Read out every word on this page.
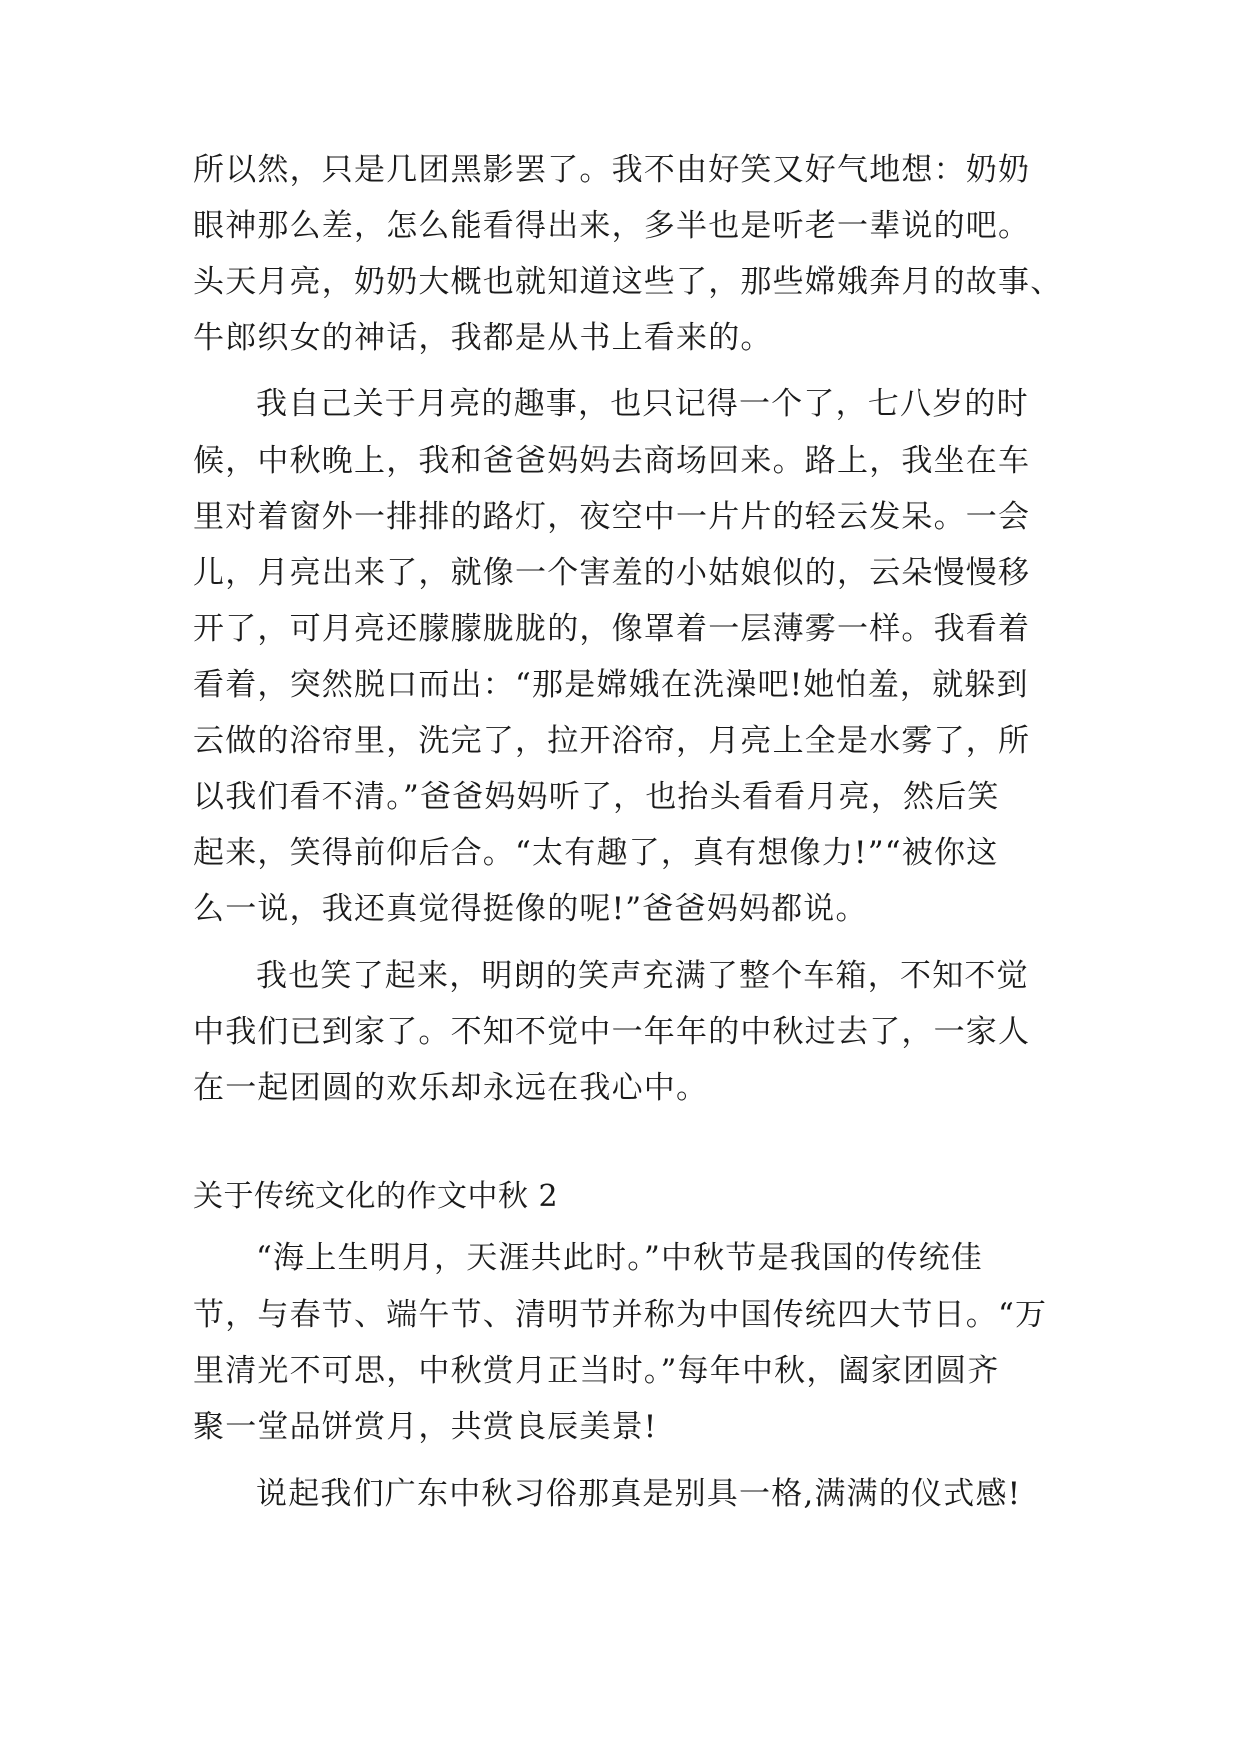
所以然，只是几团黑影罢了。我不由好笑又好气地想：奶奶
眼神那么差，怎么能看得出来，多半也是听老一辈说的吧。
头天月亮，奶奶大概也就知道这些了，那些嫦娥奔月的故事、
牛郎织女的神话，我都是从书上看来的。
我自己关于月亮的趣事，也只记得一个了，七八岁的时
候，中秋晚上，我和爸爸妈妈去商场回来。路上，我坐在车
里对着窗外一排排的路灯，夜空中一片片的轻云发呆。一会
儿，月亮出来了，就像一个害羞的小姑娘似的，云朵慢慢移
开了，可月亮还朦朦胧胧的，像罩着一层薄雾一样。我看着
看着，突然脱口而出：“那是嫦娥在洗澡吧!她怕羞，就躲到
云做的浴帘里，洗完了，拉开浴帘，月亮上全是水雾了，所
以我们看不清。”爸爸妈妈听了，也抬头看看月亮，然后笑
起来，笑得前仰后合。“太有趣了，真有想像力!”“被你这
么一说，我还真觉得挺像的呢!”爸爸妈妈都说。
我也笑了起来，明朗的笑声充满了整个车箱，不知不觉
中我们已到家了。不知不觉中一年年的中秋过去了，一家人
在一起团圆的欢乐却永远在我心中。
关于传统文化的作文中秋 2
“海上生明月，天涯共此时。”中秋节是我国的传统佳
节，与春节、端午节、清明节并称为中国传统四大节日。“万
里清光不可思，中秋赏月正当时。”每年中秋，阖家团圆齐
聚一堂品饼赏月，共赏良辰美景!
说起我们广东中秋习俗那真是别具一格,满满的仪式感!
